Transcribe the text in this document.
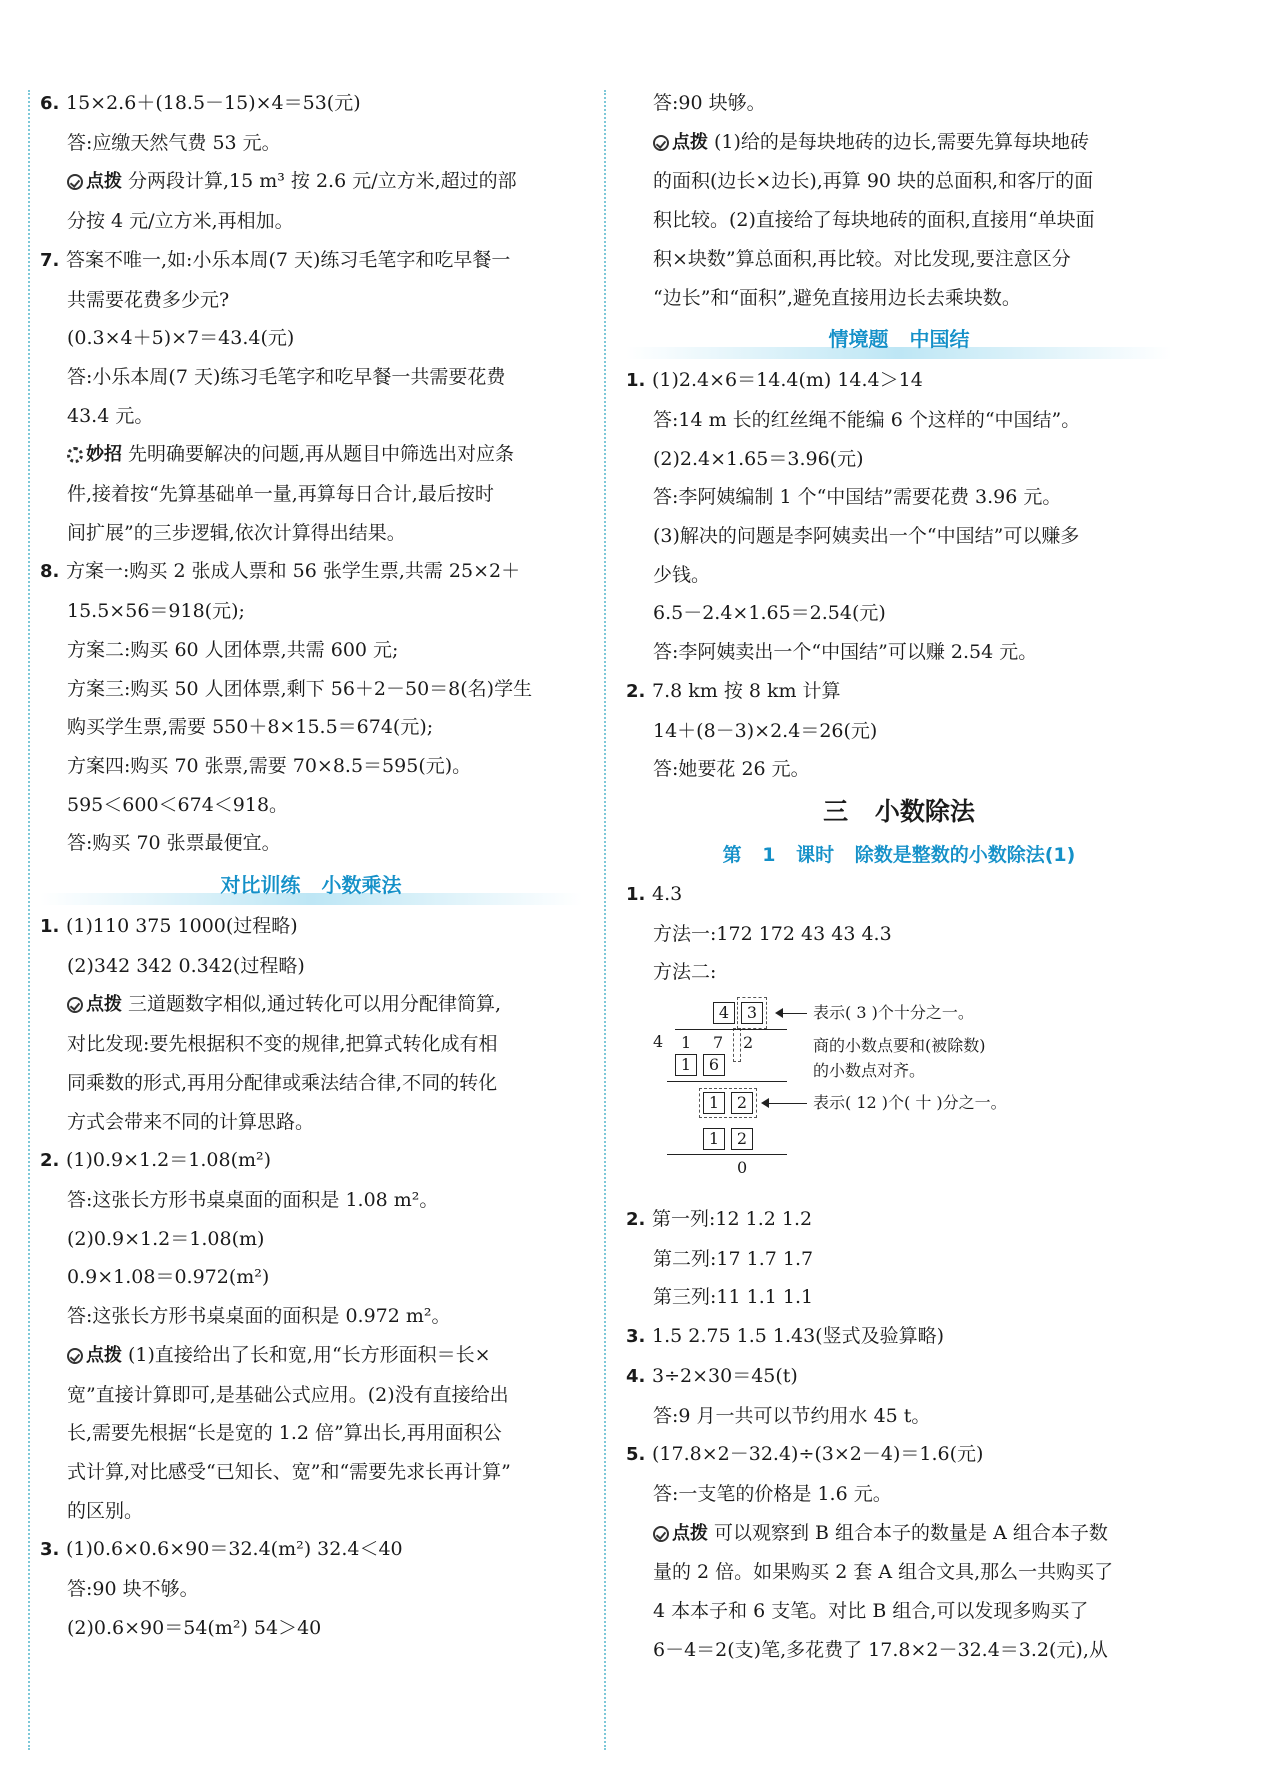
6. 15×2.6＋(18.5－15)×4＝53(元)
答:应缴天然气费 53 元。
点拨 分两段计算,15 m³ 按 2.6 元/立方米,超过的部
分按 4 元/立方米,再相加。
7. 答案不唯一,如:小乐本周(7 天)练习毛笔字和吃早餐一
共需要花费多少元?
(0.3×4＋5)×7＝43.4(元)
答:小乐本周(7 天)练习毛笔字和吃早餐一共需要花费
43.4 元。
妙招 先明确要解决的问题,再从题目中筛选出对应条
件,接着按“先算基础单一量,再算每日合计,最后按时
间扩展”的三步逻辑,依次计算得出结果。
8. 方案一:购买 2 张成人票和 56 张学生票,共需 25×2＋
15.5×56＝918(元);
方案二:购买 60 人团体票,共需 600 元;
方案三:购买 50 人团体票,剩下 56＋2－50＝8(名)学生
购买学生票,需要 550＋8×15.5＝674(元);
方案四:购买 70 张票,需要 70×8.5＝595(元)。
595＜600＜674＜918。
答:购买 70 张票最便宜。
对比训练 小数乘法
1. (1)110 375 1000(过程略)
(2)342 342 0.342(过程略)
点拨 三道题数字相似,通过转化可以用分配律简算,
对比发现:要先根据积不变的规律,把算式转化成有相
同乘数的形式,再用分配律或乘法结合律,不同的转化
方式会带来不同的计算思路。
2. (1)0.9×1.2＝1.08(m²)
答:这张长方形书桌桌面的面积是 1.08 m²。
(2)0.9×1.2＝1.08(m)
0.9×1.08＝0.972(m²)
答:这张长方形书桌桌面的面积是 0.972 m²。
点拨 (1)直接给出了长和宽,用“长方形面积＝长×
宽”直接计算即可,是基础公式应用。(2)没有直接给出
长,需要先根据“长是宽的 1.2 倍”算出长,再用面积公
式计算,对比感受“已知长、宽”和“需要先求长再计算”
的区别。
3. (1)0.6×0.6×90＝32.4(m²) 32.4＜40
答:90 块不够。
(2)0.6×90＝54(m²) 54＞40
答:90 块够。
点拨 (1)给的是每块地砖的边长,需要先算每块地砖
的面积(边长×边长),再算 90 块的总面积,和客厅的面
积比较。(2)直接给了每块地砖的面积,直接用“单块面
积×块数”算总面积,再比较。对比发现,要注意区分
“边长”和“面积”,避免直接用边长去乘块数。
情境题 中国结
1. (1)2.4×6＝14.4(m) 14.4＞14
答:14 m 长的红丝绳不能编 6 个这样的“中国结”。
(2)2.4×1.65＝3.96(元)
答:李阿姨编制 1 个“中国结”需要花费 3.96 元。
(3)解决的问题是李阿姨卖出一个“中国结”可以赚多
少钱。
6.5－2.4×1.65＝2.54(元)
答:李阿姨卖出一个“中国结”可以赚 2.54 元。
2. 7.8 km 按 8 km 计算
14＋(8－3)×2.4＝26(元)
答:她要花 26 元。
三 小数除法
第 1 课时 除数是整数的小数除法(1)
1. 4.3
方法一:172 172 43 43 4.3
方法二:
4	3	表示( 3 )个十分之一。
4 1 7 2	商的小数点要和(被除数)
的小数点对齐。
1	6
1	2	表示( 12 )个( 十 )分之一。
1	2
0
2. 第一列:12 1.2 1.2
第二列:17 1.7 1.7
第三列:11 1.1 1.1
3. 1.5 2.75 1.5 1.43(竖式及验算略)
4. 3÷2×30＝45(t)
答:9 月一共可以节约用水 45 t。
5. (17.8×2－32.4)÷(3×2－4)＝1.6(元)
答:一支笔的价格是 1.6 元。
点拨 可以观察到 B 组合本子的数量是 A 组合本子数
量的 2 倍。如果购买 2 套 A 组合文具,那么一共购买了
4 本本子和 6 支笔。对比 B 组合,可以发现多购买了
6－4＝2(支)笔,多花费了 17.8×2－32.4＝3.2(元),从
